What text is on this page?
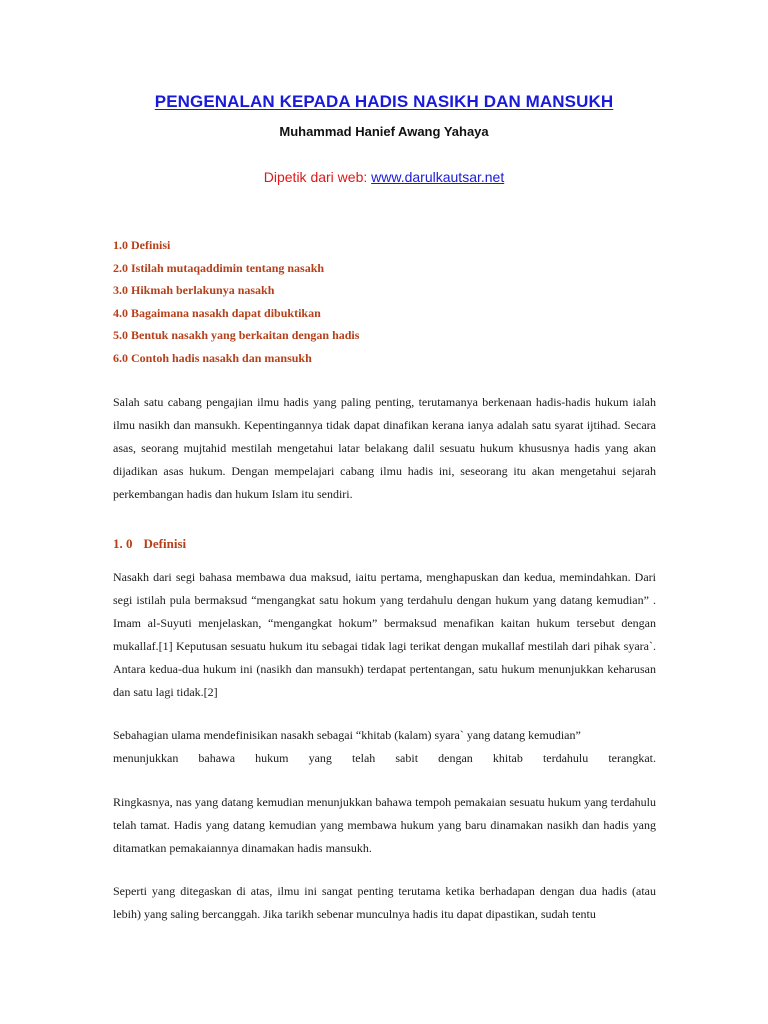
PENGENALAN KEPADA HADIS NASIKH DAN MANSUKH
Muhammad Hanief Awang Yahaya
Dipetik dari web: www.darulkautsar.net
1.0 Definisi
2.0 Istilah mutaqaddimin tentang nasakh
3.0 Hikmah berlakunya nasakh
4.0 Bagaimana nasakh dapat dibuktikan
5.0 Bentuk nasakh yang berkaitan dengan hadis
6.0 Contoh hadis nasakh dan mansukh

Salah satu cabang pengajian ilmu hadis yang paling penting, terutamanya berkenaan hadis-hadis hukum ialah ilmu nasikh dan mansukh. Kepentingannya tidak dapat dinafikan kerana ianya adalah satu syarat ijtihad. Secara asas, seorang mujtahid mestilah mengetahui latar belakang dalil sesuatu hukum khususnya hadis yang akan dijadikan asas hukum. Dengan mempelajari cabang ilmu hadis ini, seseorang itu akan mengetahui sejarah perkembangan hadis dan hukum Islam itu sendiri.

1. 0 Definisi

Nasakh dari segi bahasa membawa dua maksud, iaitu pertama, menghapuskan dan kedua, memindahkan. Dari segi istilah pula bermaksud “mengangkat satu hokum yang terdahulu dengan hukum yang datang kemudian” . Imam al-Suyuti menjelaskan, “mengangkat hokum” bermaksud menafikan kaitan hukum tersebut dengan mukallaf.[1] Keputusan sesuatu hukum itu sebagai tidak lagi terikat dengan mukallaf mestilah dari pihak syara`. Antara kedua-dua hukum ini (nasikh dan mansukh) terdapat pertentangan, satu hukum menunjukkan keharusan dan satu lagi tidak.[2]

Sebahagian ulama mendefinisikan nasakh sebagai “khitab (kalam) syara` yang datang kemudian”
menunjukkan bahawa hukum yang telah sabit dengan khitab terdahulu terangkat.

Ringkasnya, nas yang datang kemudian menunjukkan bahawa tempoh pemakaian sesuatu hukum yang terdahulu telah tamat. Hadis yang datang kemudian yang membawa hukum yang baru dinamakan nasikh dan hadis yang ditamatkan pemakaiannya dinamakan hadis mansukh.

Seperti yang ditegaskan di atas, ilmu ini sangat penting terutama ketika berhadapan dengan dua hadis (atau lebih) yang saling bercanggah. Jika tarikh sebenar munculnya hadis itu dapat dipastikan, sudah tentu
